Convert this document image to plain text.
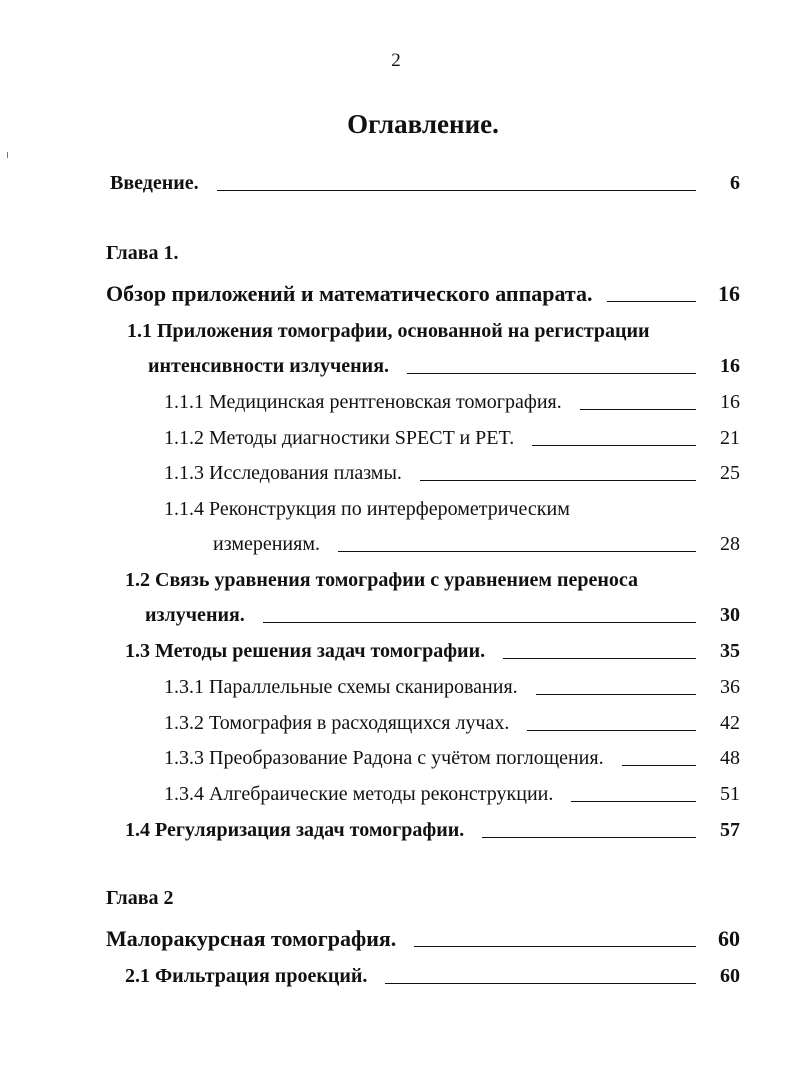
2
Оглавление.
Введение.	6
Глава 1.
Обзор приложений и математического аппарата.	16
1.1 Приложения томографии, основанной на регистрации
интенсивности излучения.	16
1.1.1 Медицинская рентгеновская томография.	16
1.1.2 Методы диагностики SPECT и PET.	21
1.1.3 Исследования плазмы.	25
1.1.4 Реконструкция по интерферометрическим
измерениям.	28
1.2 Связь уравнения томографии с уравнением переноса
излучения.	30
1.3 Методы решения задач томографии.	35
1.3.1 Параллельные схемы сканирования.	36
1.3.2 Томография в расходящихся лучах.	42
1.3.3 Преобразование Радона с учётом поглощения.	48
1.3.4 Алгебраические методы реконструкции.	51
1.4 Регуляризация задач томографии.	57
Глава 2
Малоракурсная томография.	60
2.1 Фильтрация проекций.	60
